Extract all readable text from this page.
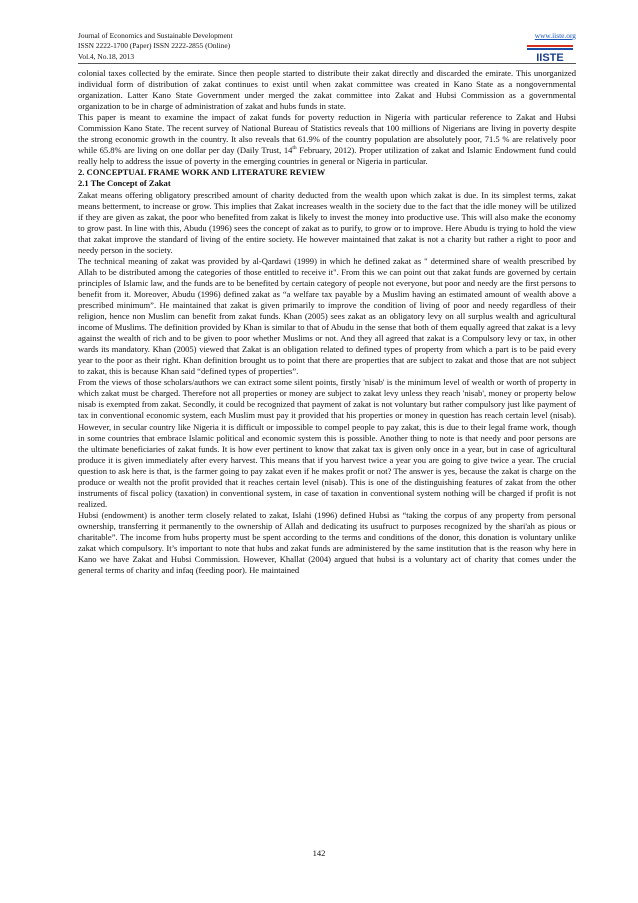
Journal of Economics and Sustainable Development	www.iiste.org
ISSN 2222-1700 (Paper) ISSN 2222-2855 (Online)
Vol.4, No.18, 2013	IISTE

colonial taxes collected by the emirate. Since then people started to distribute their zakat directly and discarded the emirate. This unorganized individual form of distribution of zakat continues to exist until when zakat committee was created in Kano State as a nongovernmental organization. Latter Kano State Government under merged the zakat committee into Zakat and Hubsi Commission as a governmental organization to be in charge of administration of zakat and hubs funds in state.

This paper is meant to examine the impact of zakat funds for poverty reduction in Nigeria with particular reference to Zakat and Hubsi Commission Kano State. The recent survey of National Bureau of Statistics reveals that 100 millions of Nigerians are living in poverty despite the strong economic growth in the country. It also reveals that 61.9% of the country population are absolutely poor, 71.5 % are relatively poor while 65.8% are living on one dollar per day (Daily Trust, 14th February, 2012). Proper utilization of zakat and Islamic Endowment fund could really help to address the issue of poverty in the emerging countries in general or Nigeria in particular.

2. CONCEPTUAL FRAME WORK AND LITERATURE REVIEW

2.1 The Concept of Zakat

Zakat means offering obligatory prescribed amount of charity deducted from the wealth upon which zakat is due. In its simplest terms, zakat means betterment, to increase or grow. This implies that Zakat increases wealth in the society due to the fact that the idle money will be utilized if they are given as zakat, the poor who benefited from zakat is likely to invest the money into productive use. This will also make the economy to grow past. In line with this, Abudu (1996) sees the concept of zakat as to purify, to grow or to improve. Here Abudu is trying to hold the view that zakat improve the standard of living of the entire society. He however maintained that zakat is not a charity but rather a right to poor and needy person in the society.

The technical meaning of zakat was provided by al-Qardawi (1999) in which he defined zakat as " determined share of wealth prescribed by Allah to be distributed among the categories of those entitled to receive it". From this we can point out that zakat funds are governed by certain principles of Islamic law, and the funds are to be benefited by certain category of people not everyone, but poor and needy are the first persons to benefit from it. Moreover, Abudu (1996) defined zakat as “a welfare tax payable by a Muslim having an estimated amount of wealth above a prescribed minimum”. He maintained that zakat is given primarily to improve the condition of living of poor and needy regardless of their religion, hence non Muslim can benefit from zakat funds. Khan (2005) sees zakat as an obligatory levy on all surplus wealth and agricultural income of Muslims. The definition provided by Khan is similar to that of Abudu in the sense that both of them equally agreed that zakat is a levy against the wealth of rich and to be given to poor whether Muslims or not. And they all agreed that zakat is a Compulsory levy or tax, in other wards its mandatory. Khan (2005) viewed that Zakat is an obligation related to defined types of property from which a part is to be paid every year to the poor as their right. Khan definition brought us to point that there are properties that are subject to zakat and those that are not subject to zakat, this is because Khan said “defined types of properties”.

From the views of those scholars/authors we can extract some silent points, firstly 'nisab' is the minimum level of wealth or worth of property in which zakat must be charged. Therefore not all properties or money are subject to zakat levy unless they reach 'nisab', money or property below nisab is exempted from zakat. Secondly, it could be recognized that payment of zakat is not voluntary but rather compulsory just like payment of tax in conventional economic system, each Muslim must pay it provided that his properties or money in question has reach certain level (nisab). However, in secular country like Nigeria it is difficult or impossible to compel people to pay zakat, this is due to their legal frame work, though in some countries that embrace Islamic political and economic system this is possible. Another thing to note is that needy and poor persons are the ultimate beneficiaries of zakat funds. It is how ever pertinent to know that zakat tax is given only once in a year, but in case of agricultural produce it is given immediately after every harvest. This means that if you harvest twice a year you are going to give twice a year. The crucial question to ask here is that, is the farmer going to pay zakat even if he makes profit or not? The answer is yes, because the zakat is charge on the produce or wealth not the profit provided that it reaches certain level (nisab). This is one of the distinguishing features of zakat from the other instruments of fiscal policy (taxation) in conventional system, in case of taxation in conventional system nothing will be charged if profit is not realized.

Hubsi (endowment) is another term closely related to zakat, Islahi (1996) defined Hubsi as “taking the corpus of any property from personal ownership, transferring it permanently to the ownership of Allah and dedicating its usufruct to purposes recognized by the shari'ah as pious or charitable”. The income from hubs property must be spent according to the terms and conditions of the donor, this donation is voluntary unlike zakat which compulsory. It’s important to note that hubs and zakat funds are administered by the same institution that is the reason why here in Kano we have Zakat and Hubsi Commission. However, Khallat (2004) argued that hubsi is a voluntary act of charity that comes under the general terms of charity and infaq (feeding poor). He maintained

142
